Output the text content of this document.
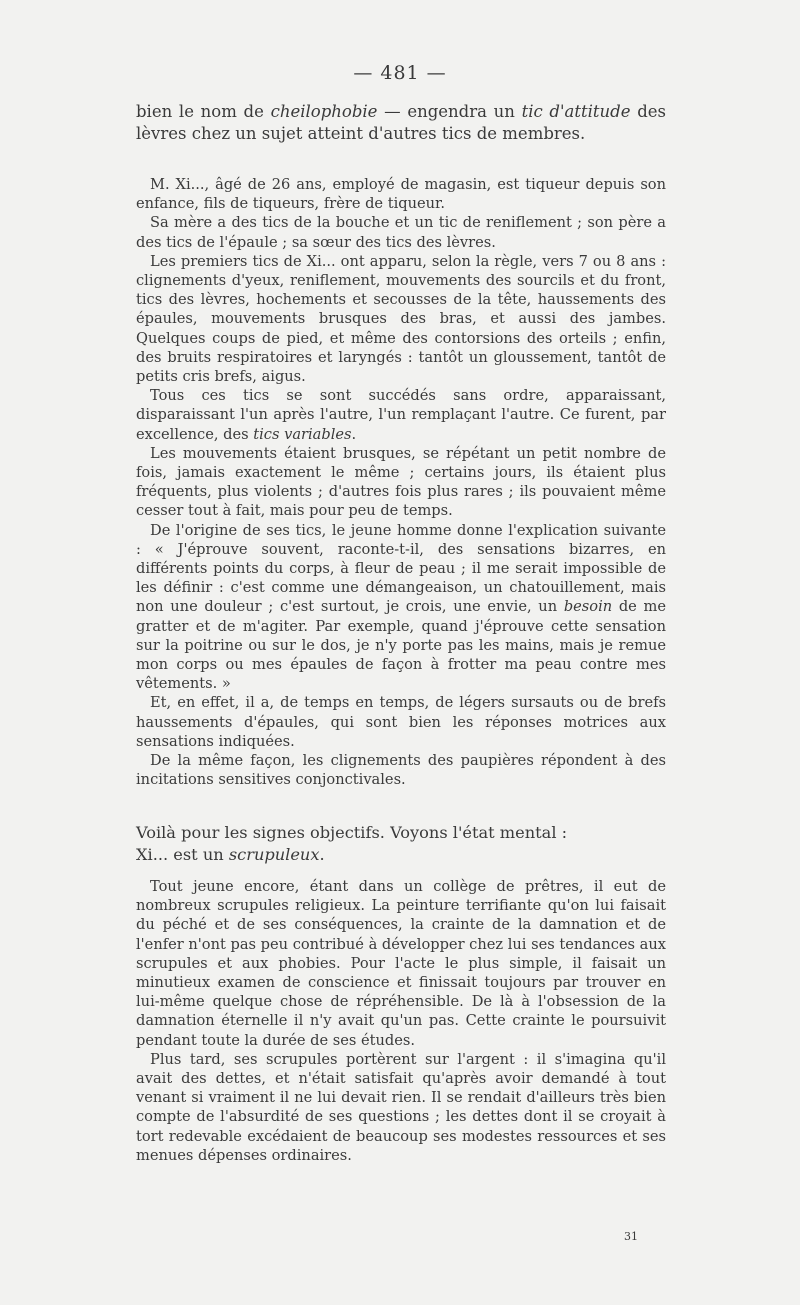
— 481 —

bien le nom de cheilophobie — engendra un tic d'attitude des lèvres chez un sujet atteint d'autres tics de membres.

M. Xi..., âgé de 26 ans, employé de magasin, est tiqueur depuis son enfance, fils de tiqueurs, frère de tiqueur.

Sa mère a des tics de la bouche et un tic de reniflement ; son père a des tics de l'épaule ; sa sœur des tics des lèvres.

Les premiers tics de Xi... ont apparu, selon la règle, vers 7 ou 8 ans : clignements d'yeux, reniflement, mouvements des sourcils et du front, tics des lèvres, hochements et secousses de la tête, haussements des épaules, mouvements brusques des bras, et aussi des jambes. Quelques coups de pied, et même des contorsions des orteils ; enfin, des bruits respiratoires et laryngés : tantôt un gloussement, tantôt de petits cris brefs, aigus.

Tous ces tics se sont succédés sans ordre, apparaissant, disparaissant l'un après l'autre, l'un remplaçant l'autre. Ce furent, par excellence, des tics variables.

Les mouvements étaient brusques, se répétant un petit nombre de fois, jamais exactement le même ; certains jours, ils étaient plus fréquents, plus violents ; d'autres fois plus rares ; ils pouvaient même cesser tout à fait, mais pour peu de temps.

De l'origine de ses tics, le jeune homme donne l'explication suivante : « J'éprouve souvent, raconte-t-il, des sensations bizarres, en différents points du corps, à fleur de peau ; il me serait impossible de les définir : c'est comme une démangeaison, un chatouillement, mais non une douleur ; c'est surtout, je crois, une envie, un besoin de me gratter et de m'agiter. Par exemple, quand j'éprouve cette sensation sur la poitrine ou sur le dos, je n'y porte pas les mains, mais je remue mon corps ou mes épaules de façon à frotter ma peau contre mes vêtements. »

Et, en effet, il a, de temps en temps, de légers sursauts ou de brefs haussements d'épaules, qui sont bien les réponses motrices aux sensations indiquées.

De la même façon, les clignements des paupières répondent à des incitations sensitives conjonctivales.

Voilà pour les signes objectifs. Voyons l'état mental :

Xi... est un scrupuleux.

Tout jeune encore, étant dans un collège de prêtres, il eut de nombreux scrupules religieux. La peinture terrifiante qu'on lui faisait du péché et de ses conséquences, la crainte de la damnation et de l'enfer n'ont pas peu contribué à développer chez lui ses tendances aux scrupules et aux phobies. Pour l'acte le plus simple, il faisait un minutieux examen de conscience et finissait toujours par trouver en lui-même quelque chose de répréhensible. De là à l'obsession de la damnation éternelle il n'y avait qu'un pas. Cette crainte le poursuivit pendant toute la durée de ses études.

Plus tard, ses scrupules portèrent sur l'argent : il s'imagina qu'il avait des dettes, et n'était satisfait qu'après avoir demandé à tout venant si vraiment il ne lui devait rien. Il se rendait d'ailleurs très bien compte de l'absurdité de ses questions ; les dettes dont il se croyait à tort redevable excédaient de beaucoup ses modestes ressources et ses menues dépenses ordinaires.

31
